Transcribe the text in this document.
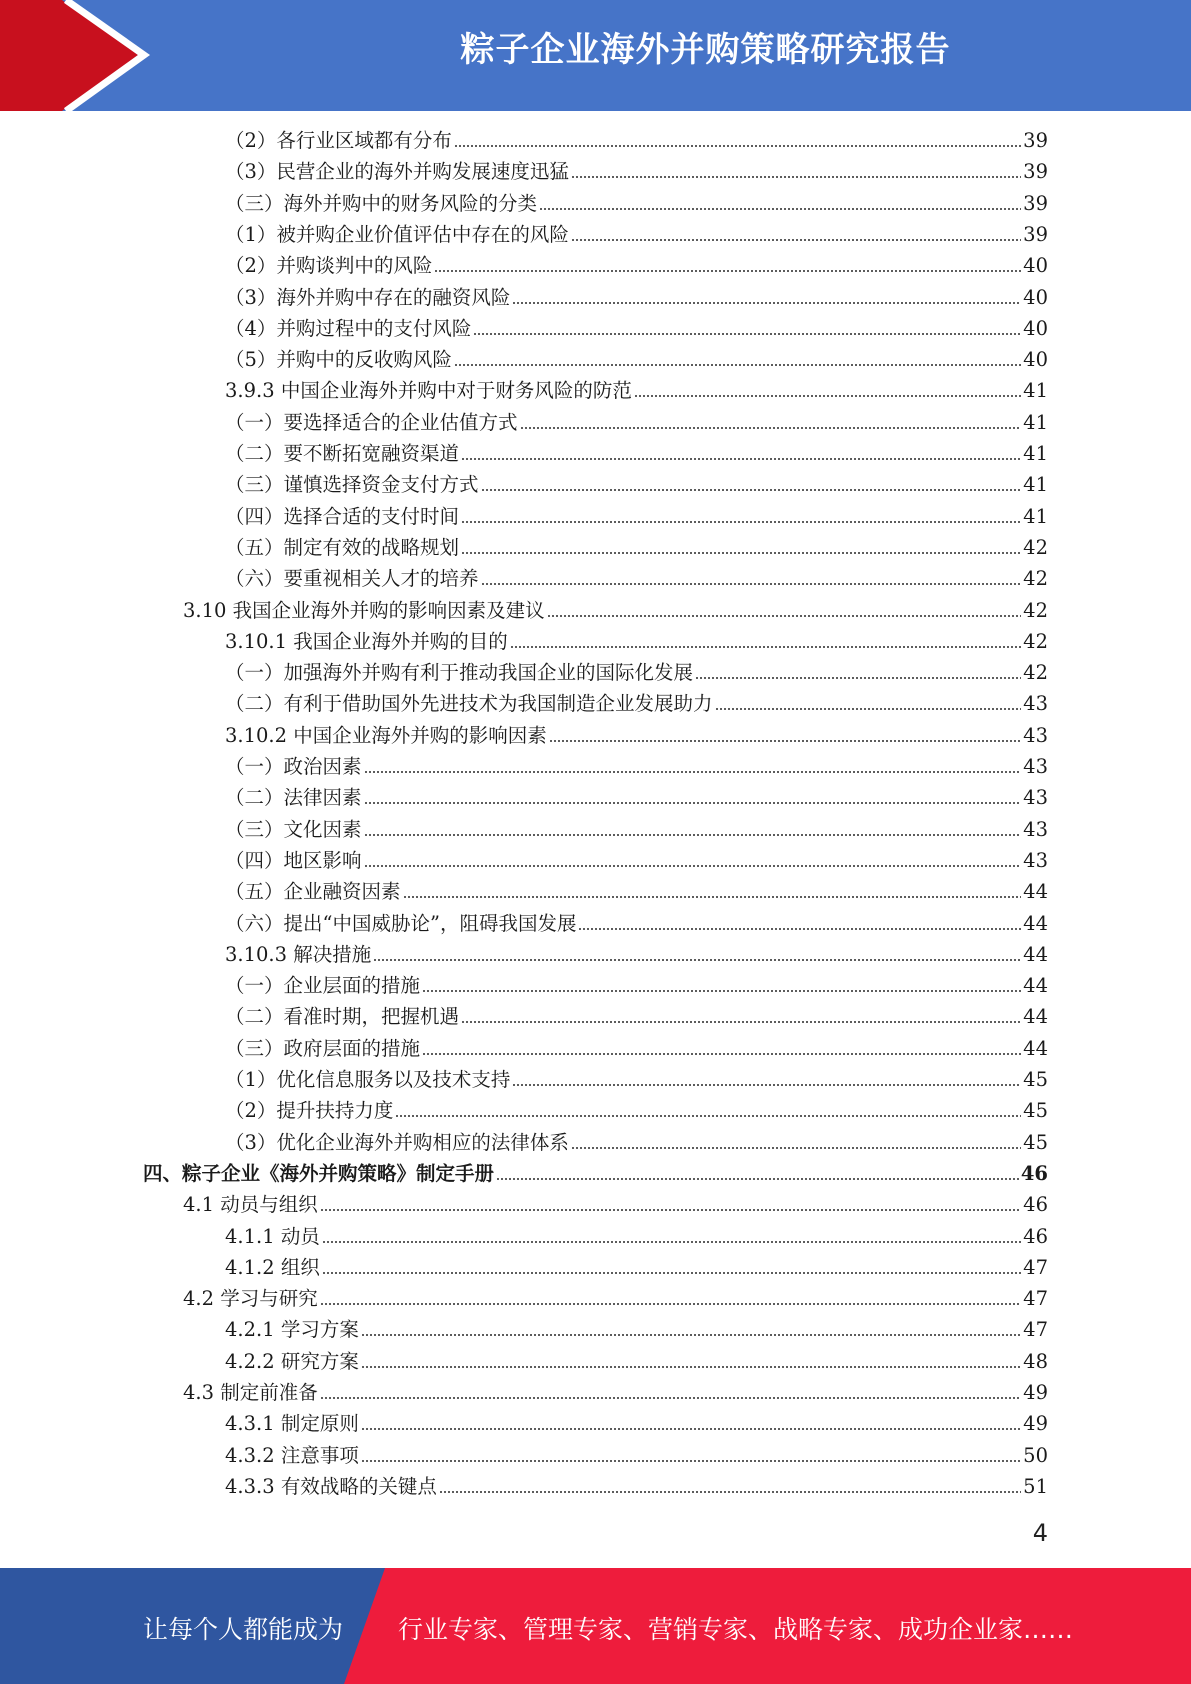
粽子企业海外并购策略研究报告
（2）各行业区域都有分布	39
（3）民营企业的海外并购发展速度迅猛	39
（三）海外并购中的财务风险的分类	39
（1）被并购企业价值评估中存在的风险	39
（2）并购谈判中的风险	40
（3）海外并购中存在的融资风险	40
（4）并购过程中的支付风险	40
（5）并购中的反收购风险	40
3.9.3 中国企业海外并购中对于财务风险的防范	41
（一）要选择适合的企业估值方式	41
（二）要不断拓宽融资渠道	41
（三）谨慎选择资金支付方式	41
（四）选择合适的支付时间	41
（五）制定有效的战略规划	42
（六）要重视相关人才的培养	42
3.10 我国企业海外并购的影响因素及建议	42
3.10.1 我国企业海外并购的目的	42
（一）加强海外并购有利于推动我国企业的国际化发展	42
（二）有利于借助国外先进技术为我国制造企业发展助力	43
3.10.2 中国企业海外并购的影响因素	43
（一）政治因素	43
（二）法律因素	43
（三）文化因素	43
（四）地区影响	43
（五）企业融资因素	44
（六）提出“中国威胁论”，阻碍我国发展	44
3.10.3 解决措施	44
（一）企业层面的措施	44
（二）看准时期，把握机遇	44
（三）政府层面的措施	44
（1）优化信息服务以及技术支持	45
（2）提升扶持力度	45
（3）优化企业海外并购相应的法律体系	45
四、粽子企业《海外并购策略》制定手册	46
4.1 动员与组织	46
4.1.1 动员	46
4.1.2 组织	47
4.2 学习与研究	47
4.2.1 学习方案	47
4.2.2 研究方案	48
4.3 制定前准备	49
4.3.1 制定原则	49
4.3.2 注意事项	50
4.3.3 有效战略的关键点	51
4
让每个人都能成为 行业专家、管理专家、营销专家、战略专家、成功企业家……
